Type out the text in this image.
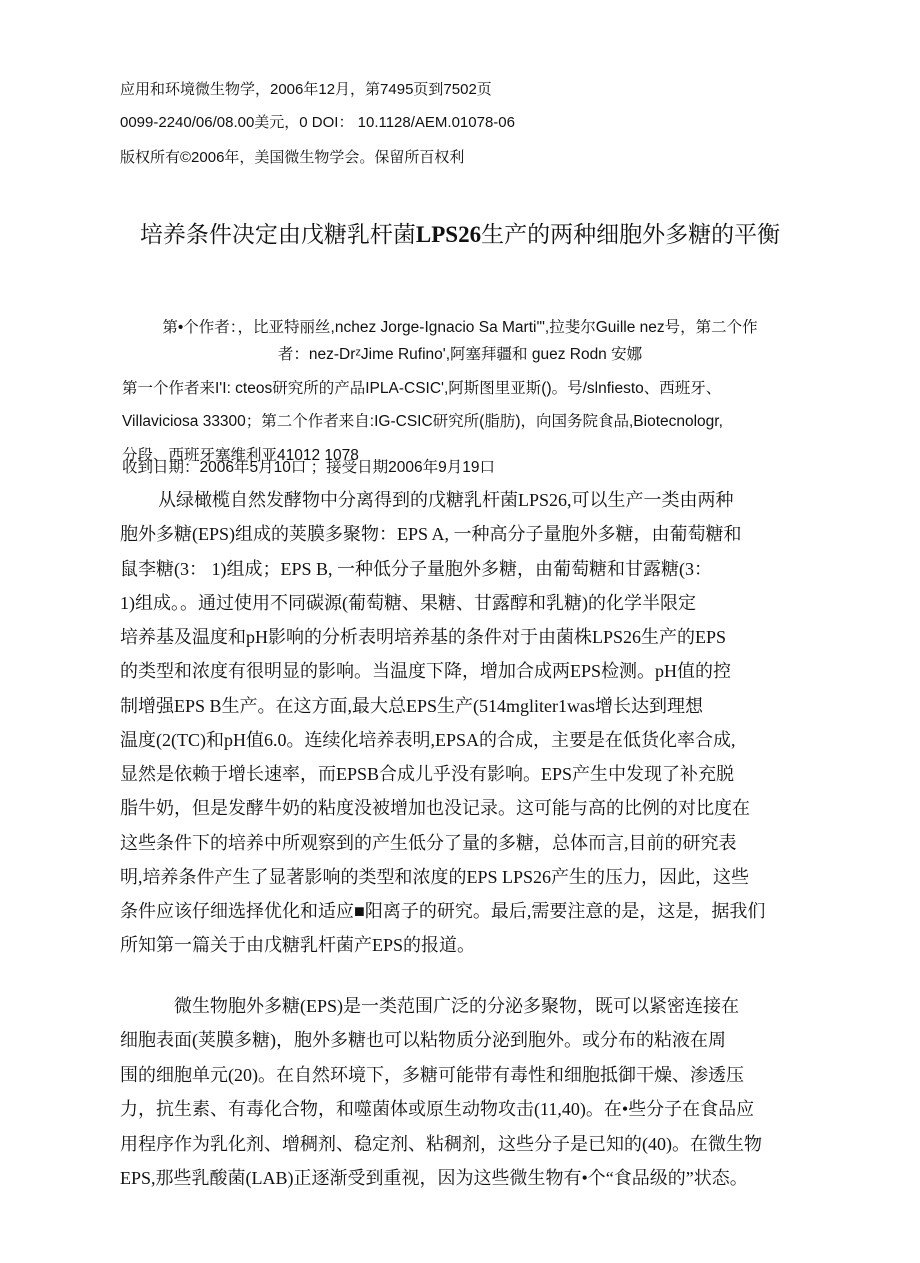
应用和环境微生物学，2006年12月，第7495页到7502页
0099-2240/06/08.00美元，0 DOI： 10.1128/AEM.01078-06
版权所有©2006年，美国微生物学会。保留所百权利
培养条件决定由戊糖乳杆菌LPS26生产的两种细胞外多糖的平衡
第•个作者：，比亚特丽丝,nchez Jorge-Ignacio Sa Marti'",拉斐尔Guille nez号，第二个作
者：nez-DrᶻJime Rufino',阿塞拜疆和 guez Rodn 安娜
第一个作者来I'I: cteos研究所的产品IPLA-CSIC',阿斯图里亚斯()。号/slnfiesto、西班牙、
Villaviciosa 33300；第二个作者来自:IG-CSIC研究所(脂肪)，向国务院食品,Biotecnologr,
分段、西班牙塞维利亚41012 1078
收到日期：2006年5月10口 ；接受日期2006年9月19口
从绿橄榄自然发酵物中分离得到的戊糖乳杆菌LPS26,可以生产一类由两种
胞外多糖(EPS)组成的荚膜多聚物：EPS A, 一种高分子量胞外多糖，由葡萄糖和
鼠李糖(3： 1)组成；EPS B, 一种低分子量胞外多糖，由葡萄糖和甘露糖(3：
1)组成。。通过使用不同碳源(葡萄糖、果糖、甘露醇和乳糖)的化学半限定
培养基及温度和pH影响的分析表明培养基的条件对于由菌株LPS26生产的EPS
的类型和浓度有很明显的影响。当温度下降，增加合成两EPS检测。pH值的控
制增强EPS B生产。在这方面,最大总EPS生产(514mgliter1was增长达到理想
温度(2(TC)和pH值6.0。连续化培养表明,EPSA的合成，主要是在低货化率合成,
显然是依赖于增长速率，而EPSB合成儿乎没有影响。EPS产生中发现了补充脱
脂牛奶，但是发酵牛奶的粘度没被增加也没记录。这可能与高的比例的对比度在
这些条件下的培养中所观察到的产生低分了量的多糖，总体而言,目前的研究表
明,培养条件产生了显著影响的类型和浓度的EPS LPS26产生的压力，因此，这些
条件应该仔细选择优化和适应■阳离子的研究。最后,需要注意的是，这是，据我们
所知第一篇关于由戊糖乳杆菌产EPS的报道。
微生物胞外多糖(EPS)是一类范围广泛的分泌多聚物，既可以紧密连接在
细胞表面(荚膜多糖)，胞外多糖也可以粘物质分泌到胞外。或分布的粘液在周
围的细胞单元(20)。在自然环境下，多糖可能带有毒性和细胞抵御干燥、渗透压
力，抗生素、有毒化合物，和噬菌体或原生动物攻击(11,40)。在•些分子在食品应
用程序作为乳化剂、增稠剂、稳定剂、粘稠剂，这些分子是已知的(40)。在微生物
EPS,那些乳酸菌(LAB)正逐渐受到重视，因为这些微生物有•个“食品级的”状态。
